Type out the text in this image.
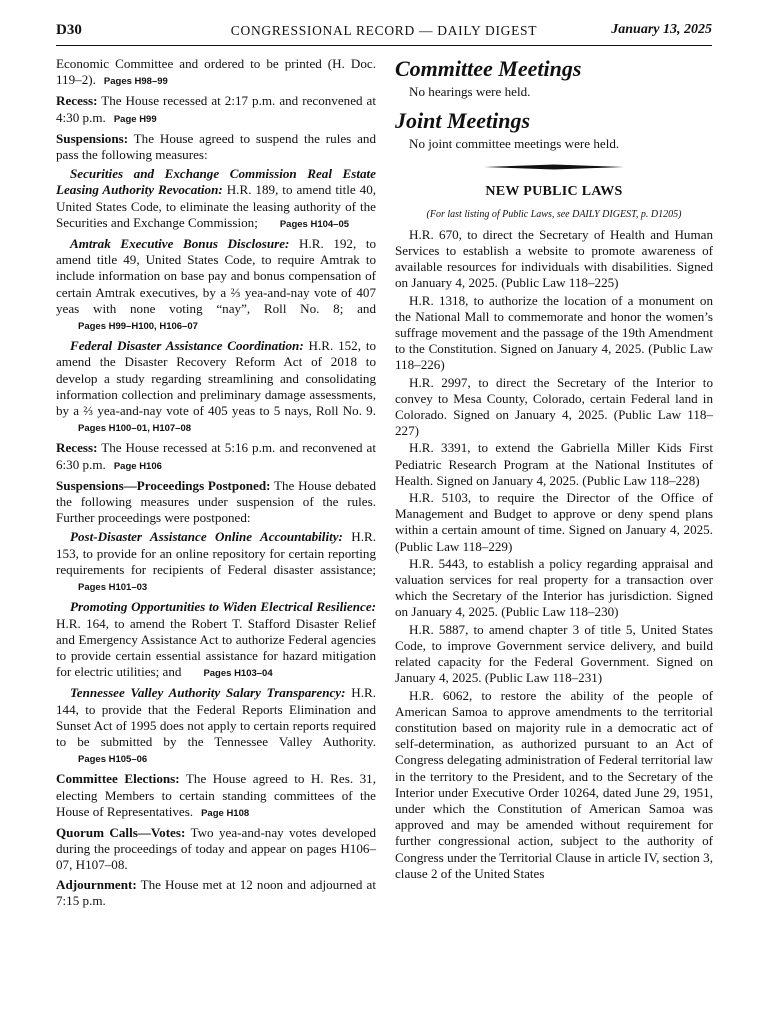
D30	CONGRESSIONAL RECORD — DAILY DIGEST	January 13, 2025

Economic Committee and ordered to be printed (H. Doc. 119–2). Pages H98–99

Recess: The House recessed at 2:17 p.m. and reconvened at 4:30 p.m. Page H99

Suspensions: The House agreed to suspend the rules and pass the following measures:

Securities and Exchange Commission Real Estate Leasing Authority Revocation: H.R. 189, to amend title 40, United States Code, to eliminate the leasing authority of the Securities and Exchange Commission; Pages H104–05

Amtrak Executive Bonus Disclosure: H.R. 192, to amend title 49, United States Code, to require Amtrak to include information on base pay and bonus compensation of certain Amtrak executives, by a ⅔ yea-and-nay vote of 407 yeas with none voting “nay”, Roll No. 8; andPages H99–H100, H106–07

Federal Disaster Assistance Coordination: H.R. 152, to amend the Disaster Recovery Reform Act of 2018 to develop a study regarding streamlining and consolidating information collection and preliminary damage assessments, by a ⅔ yea-and-nay vote of 405 yeas to 5 nays, Roll No. 9.Pages H100–01, H107–08

Recess: The House recessed at 5:16 p.m. and reconvened at 6:30 p.m. Page H106

Suspensions—Proceedings Postponed: The House debated the following measures under suspension of the rules. Further proceedings were postponed:

Post-Disaster Assistance Online Accountability: H.R. 153, to provide for an online repository for certain reporting requirements for recipients of Federal disaster assistance;Pages H101–03

Promoting Opportunities to Widen Electrical Resilience: H.R. 164, to amend the Robert T. Stafford Disaster Relief and Emergency Assistance Act to authorize Federal agencies to provide certain essential assistance for hazard mitigation for electric utilities; and Pages H103–04

Tennessee Valley Authority Salary Transparency: H.R. 144, to provide that the Federal Reports Elimination and Sunset Act of 1995 does not apply to certain reports required to be submitted by the Tennessee Valley Authority.Pages H105–06

Committee Elections: The House agreed to H. Res. 31, electing Members to certain standing committees of the House of Representatives. Page H108

Quorum Calls—Votes: Two yea-and-nay votes developed during the proceedings of today and appear on pages H106–07, H107–08.

Adjournment: The House met at 12 noon and adjourned at 7:15 p.m.

Committee Meetings

No hearings were held.

Joint Meetings

No joint committee meetings were held.

NEW PUBLIC LAWS

(For last listing of Public Laws, see DAILY DIGEST, p. D1205)

H.R. 670, to direct the Secretary of Health and Human Services to establish a website to promote awareness of available resources for individuals with disabilities. Signed on January 4, 2025. (Public Law 118–225)

H.R. 1318, to authorize the location of a monument on the National Mall to commemorate and honor the women’s suffrage movement and the passage of the 19th Amendment to the Constitution. Signed on January 4, 2025. (Public Law 118–226)

H.R. 2997, to direct the Secretary of the Interior to convey to Mesa County, Colorado, certain Federal land in Colorado. Signed on January 4, 2025. (Public Law 118–227)

H.R. 3391, to extend the Gabriella Miller Kids First Pediatric Research Program at the National Institutes of Health. Signed on January 4, 2025. (Public Law 118–228)

H.R. 5103, to require the Director of the Office of Management and Budget to approve or deny spend plans within a certain amount of time. Signed on January 4, 2025. (Public Law 118–229)

H.R. 5443, to establish a policy regarding appraisal and valuation services for real property for a transaction over which the Secretary of the Interior has jurisdiction. Signed on January 4, 2025. (Public Law 118–230)

H.R. 5887, to amend chapter 3 of title 5, United States Code, to improve Government service delivery, and build related capacity for the Federal Government. Signed on January 4, 2025. (Public Law 118–231)

H.R. 6062, to restore the ability of the people of American Samoa to approve amendments to the territorial constitution based on majority rule in a democratic act of self-determination, as authorized pursuant to an Act of Congress delegating administration of Federal territorial law in the territory to the President, and to the Secretary of the Interior under Executive Order 10264, dated June 29, 1951, under which the Constitution of American Samoa was approved and may be amended without requirement for further congressional action, subject to the authority of Congress under the Territorial Clause in article IV, section 3, clause 2 of the United States
